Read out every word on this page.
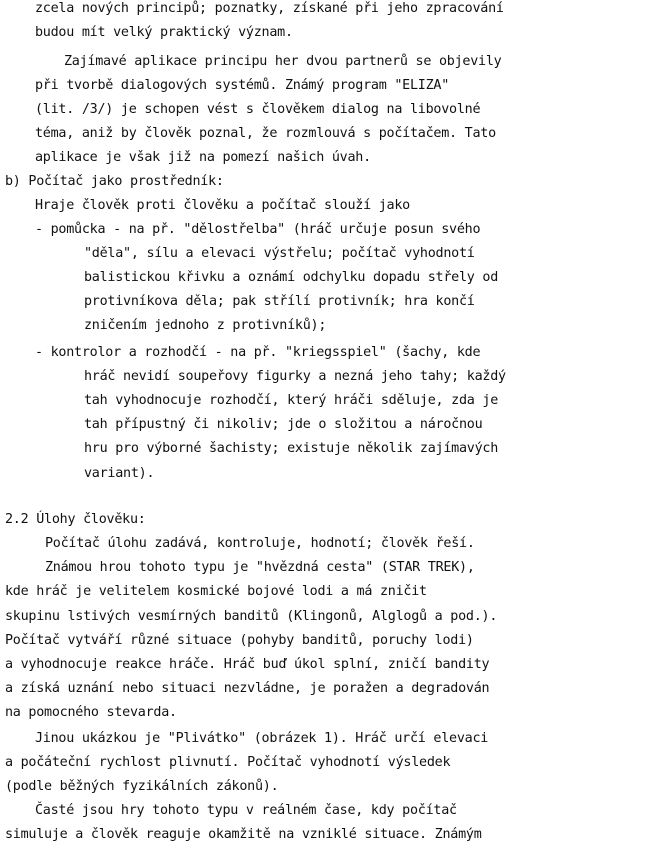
zcela nových principů; poznatky, získané při jeho zpracování
budou mít velký praktický význam.
Zajímavé aplikace principu her dvou partnerů se objevily
při tvorbě dialogových systémů. Známý program "ELIZA"
(lit. /3/) je schopen vést s člověkem dialog na libovolné
téma, aniž by člověk poznal, že rozmlouvá s počítačem. Tato
aplikace je však již na pomezí našich úvah.
b) Počítač jako prostředník:
Hraje člověk proti člověku a počítač slouží jako
- pomůcka - na př. "dělostřelba" (hráč určuje posun svého
"děla", sílu a elevaci výstřelu; počítač vyhodnotí
balistickou křivku a oznámí odchylku dopadu střely od
protivníkova děla; pak střílí protivník; hra končí
zničením jednoho z protivníků);
- kontrolor a rozhodčí - na př. "kriegsspiel" (šachy, kde
hráč nevidí soupeřovy figurky a nezná jeho tahy; každý
tah vyhodnocuje rozhodčí, který hráči sděluje, zda je
tah přípustný či nikoliv; jde o složitou a náročnou
hru pro výborné šachisty; existuje několik zajímavých
variant).
2.2 Úlohy člověku:
Počítač úlohu zadává, kontroluje, hodnotí; člověk řeší.
Známou hrou tohoto typu je "hvězdná cesta" (STAR TREK),
kde hráč je velitelem kosmické bojové lodi a má zničit
skupinu lstivých vesmírných banditů (Klingonů, Alglogů a pod.).
Počítač vytváří různé situace (pohyby banditů, poruchy lodi)
a vyhodnocuje reakce hráče. Hráč buď úkol splní, zničí bandity
a získá uznání nebo situaci nezvládne, je poražen a degradován
na pomocného stevarda.
Jinou ukázkou je "Plivátko" (obrázek 1). Hráč určí elevaci
a počáteční rychlost plivnutí. Počítač vyhodnotí výsledek
(podle běžných fyzikálních zákonů).
Časté jsou hry tohoto typu v reálném čase, kdy počítač
simuluje a člověk reaguje okamžitě na vzniklé situace. Známým
